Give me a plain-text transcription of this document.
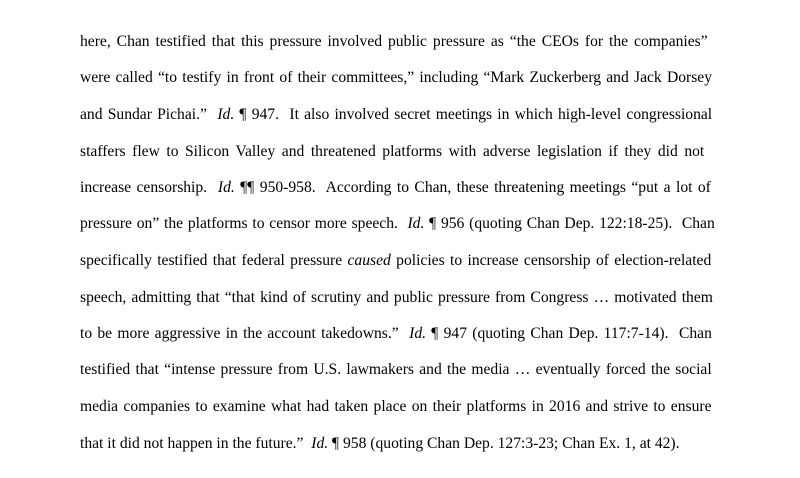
here, Chan testified that this pressure involved public pressure as “the CEOs for the companies”
were called “to testify in front of their committees,” including “Mark Zuckerberg and Jack Dorsey
and Sundar Pichai.”  Id. ¶ 947.  It also involved secret meetings in which high-level congressional
staffers flew to Silicon Valley and threatened platforms with adverse legislation if they did not
increase censorship.  Id. ¶¶ 950-958.  According to Chan, these threatening meetings “put a lot of
pressure on” the platforms to censor more speech.  Id. ¶ 956 (quoting Chan Dep. 122:18-25).  Chan
specifically testified that federal pressure caused policies to increase censorship of election-related
speech, admitting that “that kind of scrutiny and public pressure from Congress … motivated them
to be more aggressive in the account takedowns.”  Id. ¶ 947 (quoting Chan Dep. 117:7-14).  Chan
testified that “intense pressure from U.S. lawmakers and the media … eventually forced the social
media companies to examine what had taken place on their platforms in 2016 and strive to ensure
that it did not happen in the future.”  Id. ¶ 958 (quoting Chan Dep. 127:3-23; Chan Ex. 1, at 42).
